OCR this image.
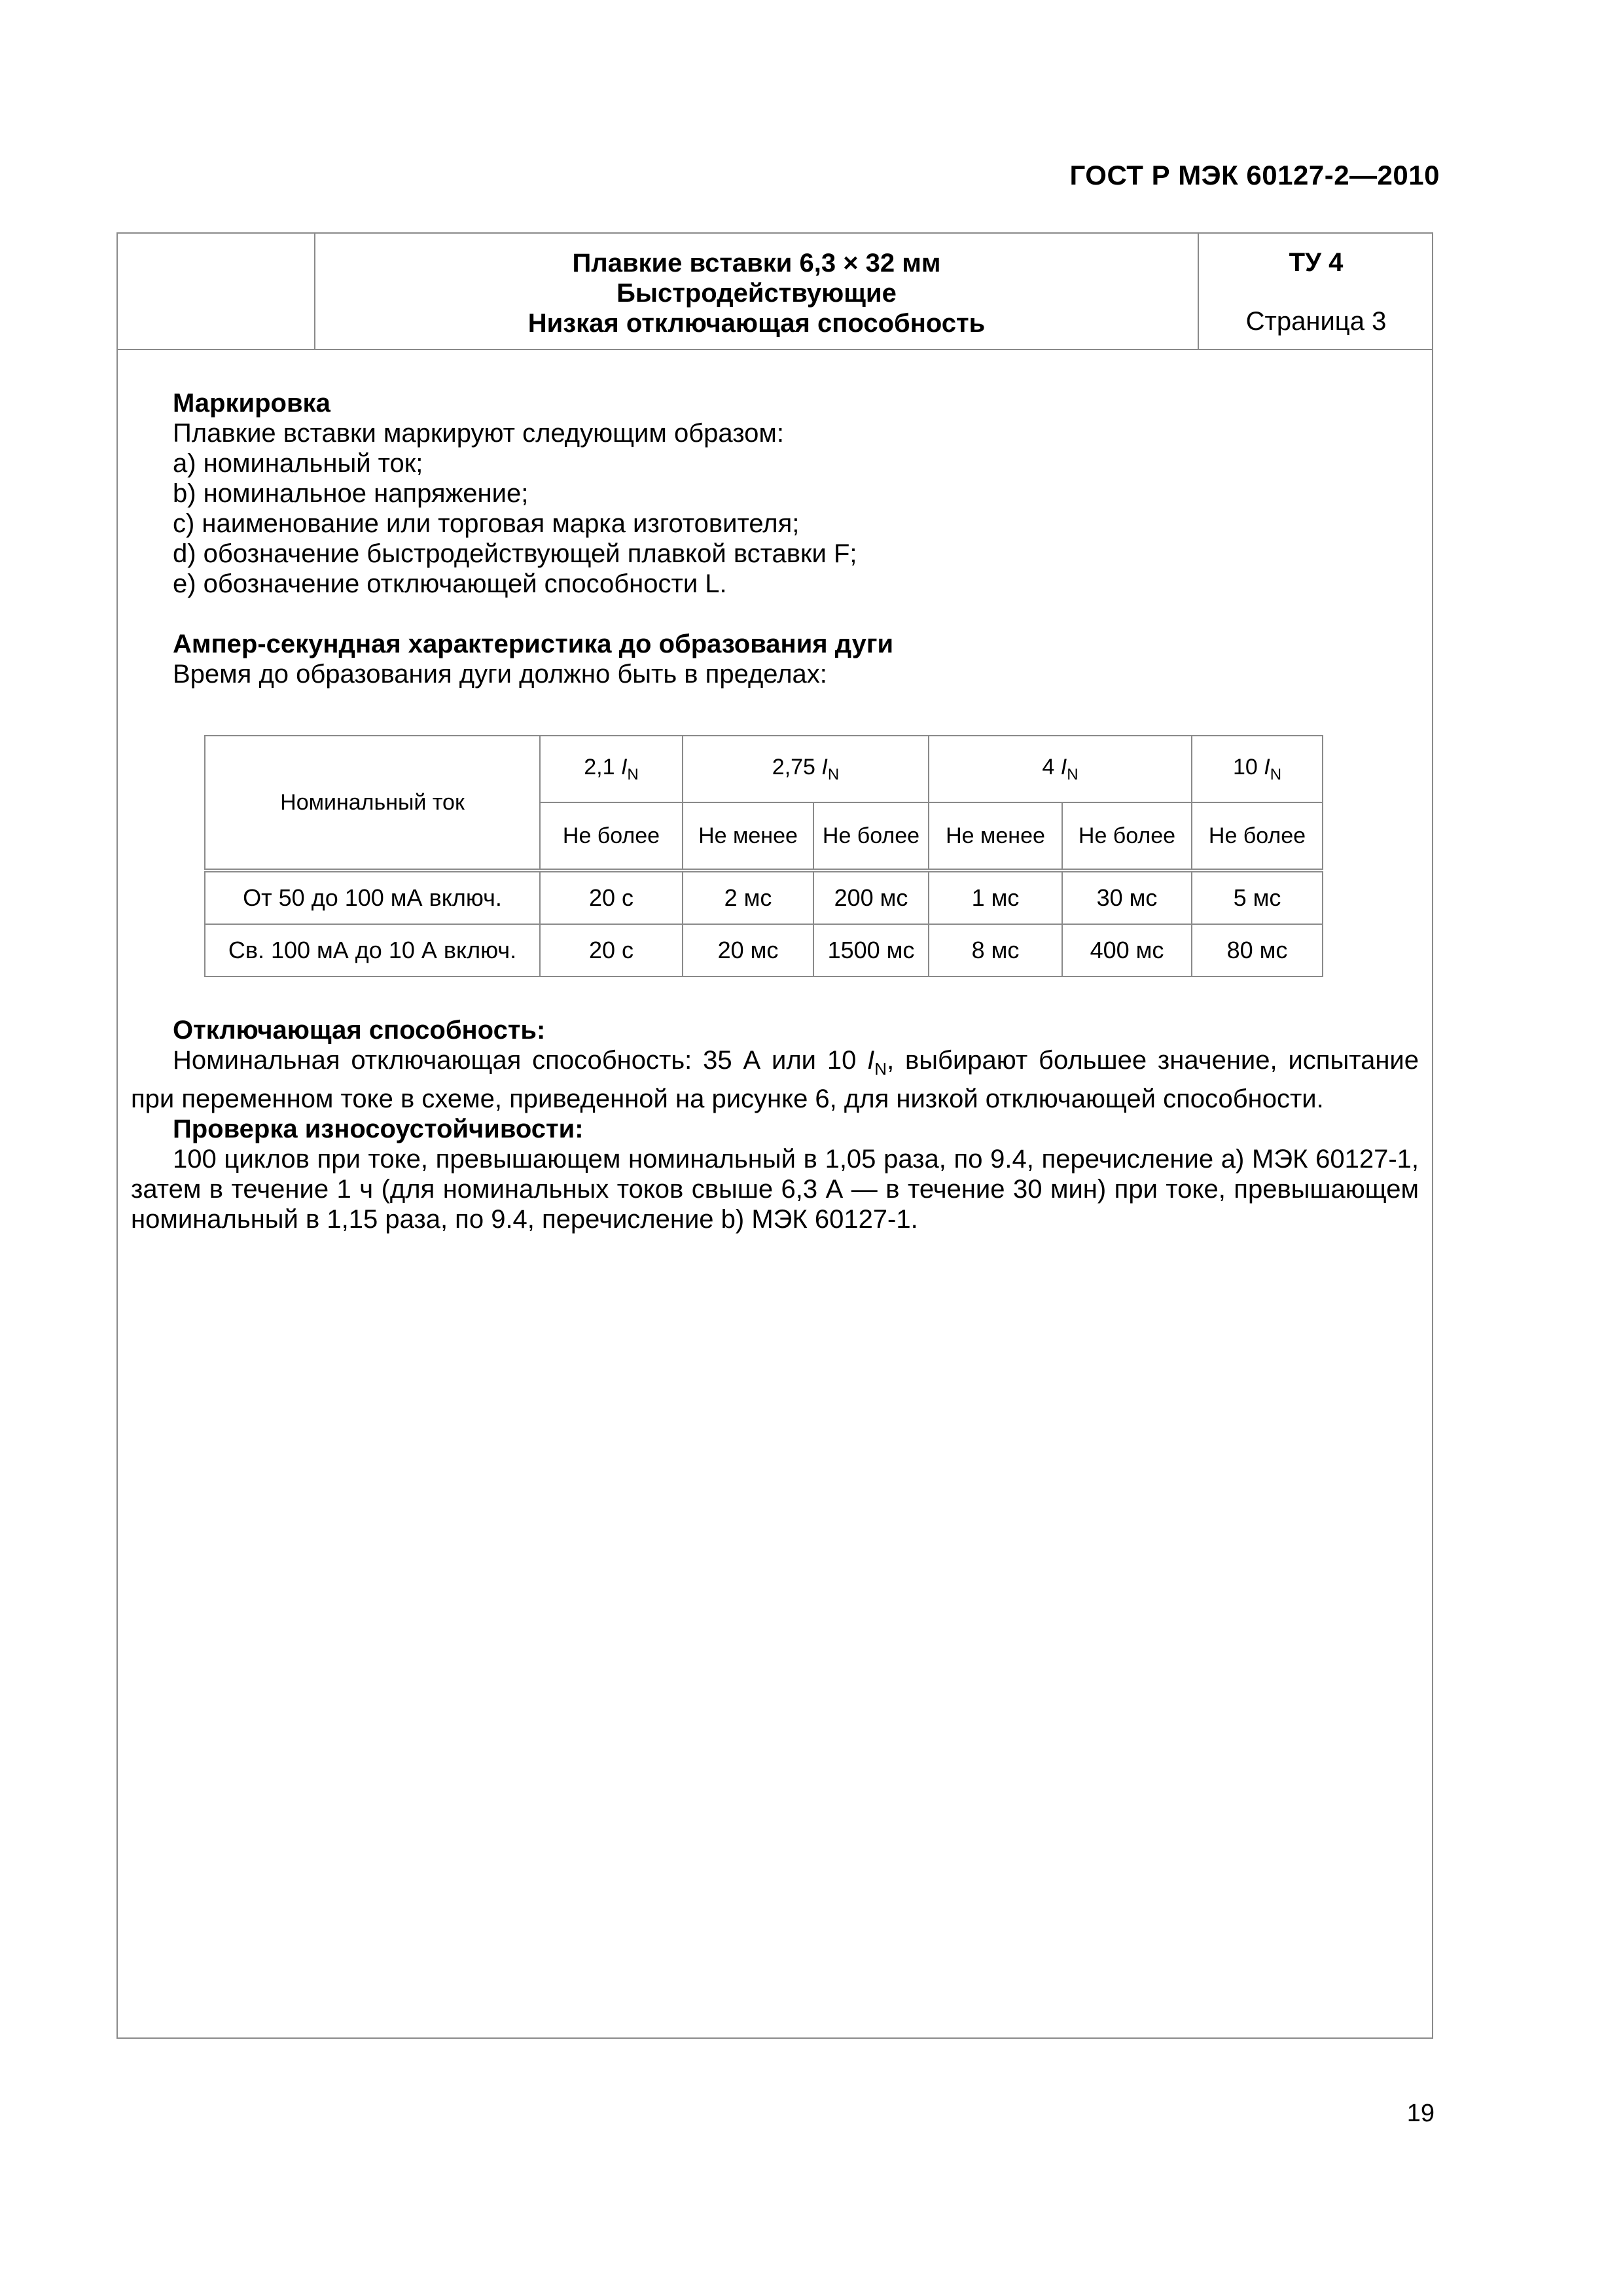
ГОСТ Р МЭК 60127-2—2010
Плавкие вставки 6,3 × 32 мм
Быстродействующие
Низкая отключающая способность
ТУ 4
Страница 3
Маркировка
Плавкие вставки маркируют следующим образом:
a) номинальный ток;
b) номинальное напряжение;
c) наименование или торговая марка изготовителя;
d) обозначение быстродействующей плавкой вставки F;
e) обозначение отключающей способности L.
Ампер-секундная характеристика до образования дуги
Время до образования дуги должно быть в пределах:
Номинальный ток	2,1 $I_N$	2,75 $I_N$		4 $I_N$		10 $I_N$
	Не более	Не менее	Не более	Не менее	Не более	Не более
От 50 до 100 мА включ.	20 с	2 мс	200 мс	1 мс	30 мс	5 мс
Св. 100 мА до 10 А включ.	20 с	20 мс	1500 мс	8 мс	400 мс	80 мс
Отключающая способность:
Номинальная отключающая способность: 35 А или 10 $I_N$, выбирают большее значение, испытание при переменном токе в схеме, приведенной на рисунке 6, для низкой отключающей способности.
Проверка износоустойчивости:
100 циклов при токе, превышающем номинальный в 1,05 раза, по 9.4, перечисление а) МЭК 60127-1, затем в течение 1 ч (для номинальных токов свыше 6,3 А — в течение 30 мин) при токе, превышающем номинальный в 1,15 раза, по 9.4, перечисление b) МЭК 60127-1.
19
